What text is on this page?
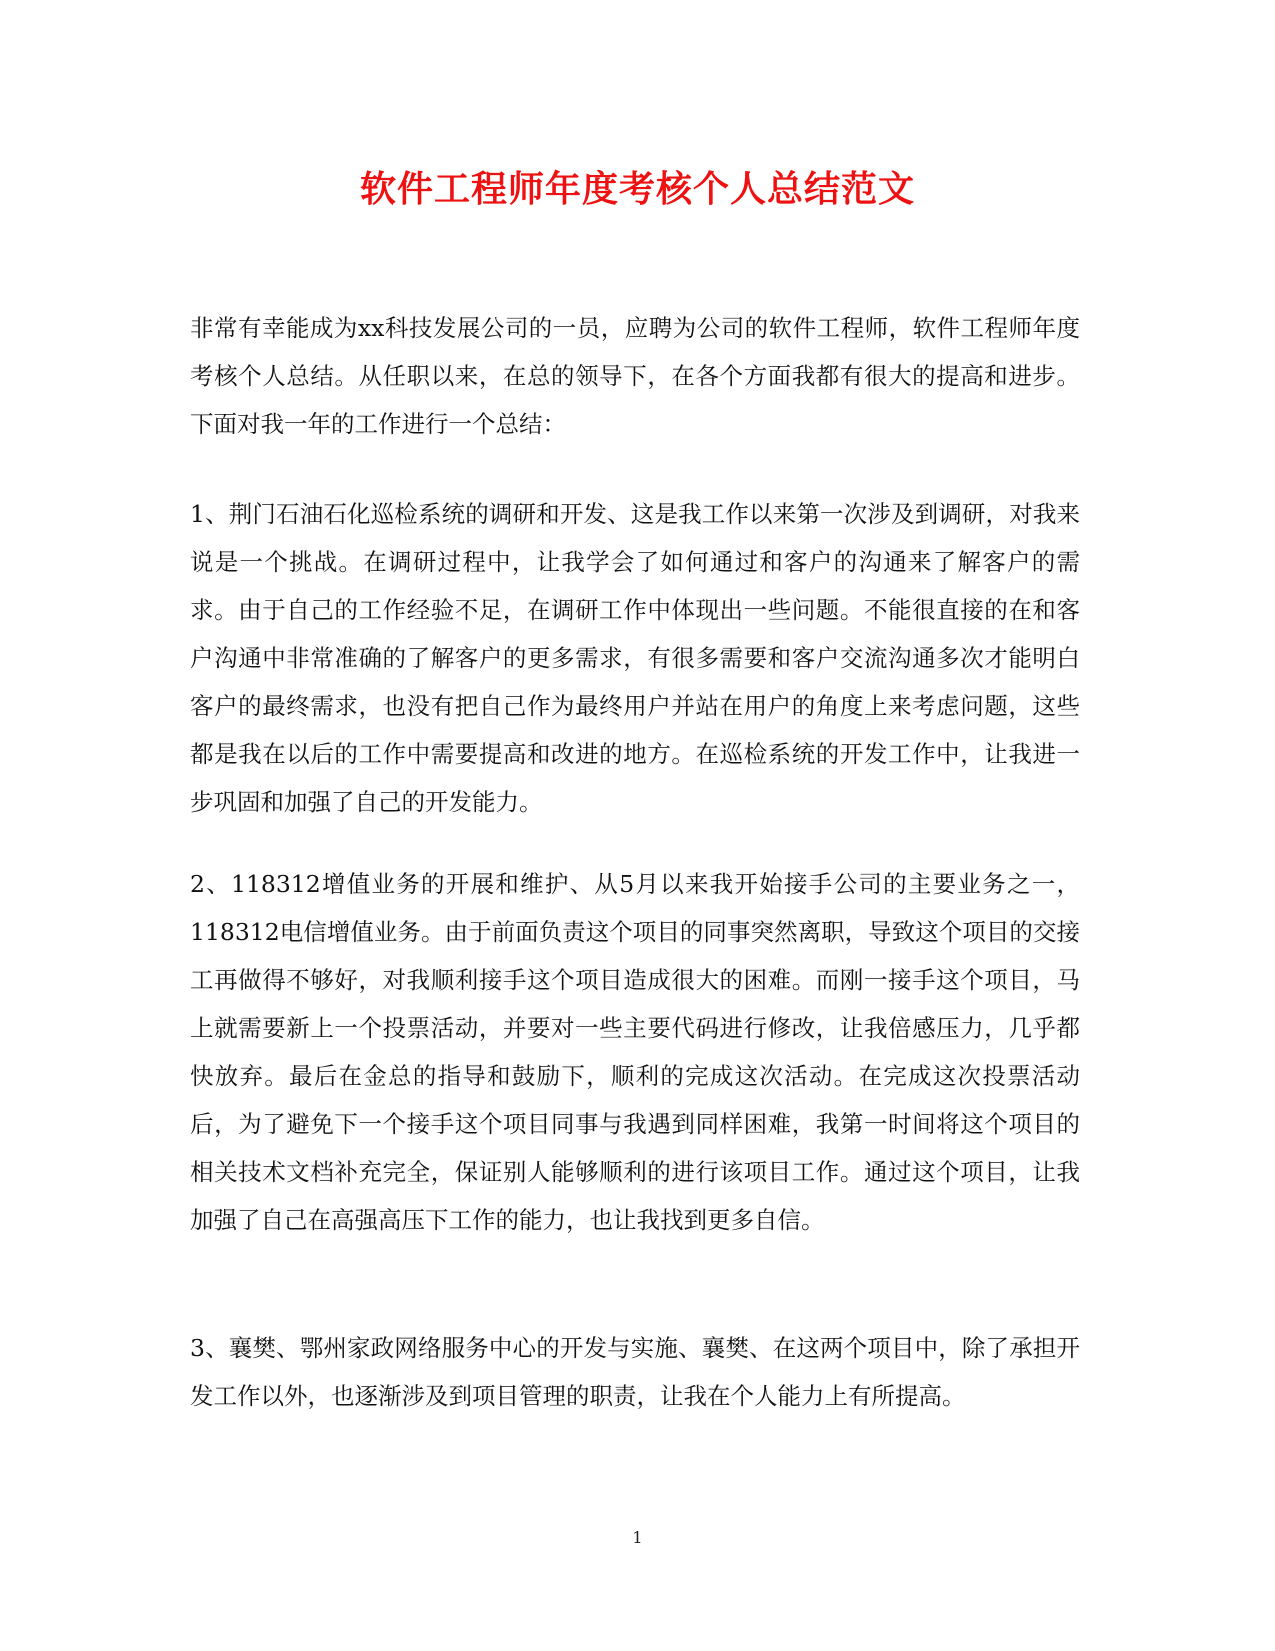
软件工程师年度考核个人总结范文

非常有幸能成为xx科技发展公司的一员，应聘为公司的软件工程师，软件工程师年度考核个人总结。从任职以来，在总的领导下，在各个方面我都有很大的提高和进步。下面对我一年的工作进行一个总结：

1、荆门石油石化巡检系统的调研和开发、这是我工作以来第一次涉及到调研，对我来说是一个挑战。在调研过程中，让我学会了如何通过和客户的沟通来了解客户的需求。由于自己的工作经验不足，在调研工作中体现出一些问题。不能很直接的在和客户沟通中非常准确的了解客户的更多需求，有很多需要和客户交流沟通多次才能明白客户的最终需求，也没有把自己作为最终用户并站在用户的角度上来考虑问题，这些都是我在以后的工作中需要提高和改进的地方。在巡检系统的开发工作中，让我进一步巩固和加强了自己的开发能力。

2、118312增值业务的开展和维护、从5月以来我开始接手公司的主要业务之一，118312电信增值业务。由于前面负责这个项目的同事突然离职，导致这个项目的交接工再做得不够好，对我顺利接手这个项目造成很大的困难。而刚一接手这个项目，马上就需要新上一个投票活动，并要对一些主要代码进行修改，让我倍感压力，几乎都快放弃。最后在金总的指导和鼓励下，顺利的完成这次活动。在完成这次投票活动后，为了避免下一个接手这个项目同事与我遇到同样困难，我第一时间将这个项目的相关技术文档补充完全，保证别人能够顺利的进行该项目工作。通过这个项目，让我加强了自己在高强高压下工作的能力，也让我找到更多自信。

3、襄樊、鄂州家政网络服务中心的开发与实施、襄樊、在这两个项目中，除了承担开发工作以外，也逐渐涉及到项目管理的职责，让我在个人能力上有所提高。

1
